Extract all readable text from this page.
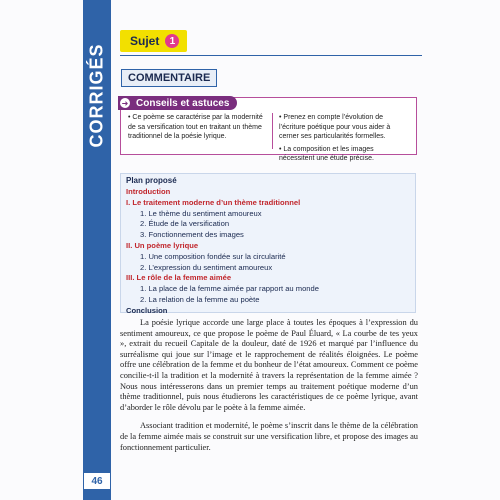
CORRIGÉS
46
Sujet	1
COMMENTAIRE
Conseils et astuces
➜

• Ce poème se caractérise par la modernité de sa versification tout en traitant un thème traditionnel de la poésie lyrique.

• Prenez en compte l’évolution de l’écriture poétique pour vous aider à cerner ses particularités formelles.

• La composition et les images nécessitent une étude précise.

Plan proposé
Introduction
I. Le traitement moderne d’un thème traditionnel
1. Le thème du sentiment amoureux
2. Étude de la versification
3. Fonctionnement des images
II. Un poème lyrique
1. Une composition fondée sur la circularité
2. L’expression du sentiment amoureux
III. Le rôle de la femme aimée
1. La place de la femme aimée par rapport au monde
2. La relation de la femme au poète
Conclusion

La poésie lyrique accorde une large place à toutes les époques à l’expression du sentiment amoureux, ce que propose le poème de Paul Éluard, « La courbe de tes yeux », extrait du recueil Capitale de la douleur, daté de 1926 et marqué par l’influence du surréalisme qui joue sur l’image et le rapprochement de réalités éloignées. Le poème offre une célébration de la femme et du bonheur de l’état amoureux. Comment ce poème concilie-t-il la tradition et la modernité à travers la représentation de la femme aimée ? Nous nous intéresserons dans un premier temps au traitement poétique moderne d’un thème traditionnel, puis nous étudierons les caractéristiques de ce poème lyrique, avant d’aborder le rôle dévolu par le poète à la femme aimée.

Associant tradition et modernité, le poème s’inscrit dans le thème de la célébration de la femme aimée mais se construit sur une versification libre, et propose des images au fonctionnement particulier.
